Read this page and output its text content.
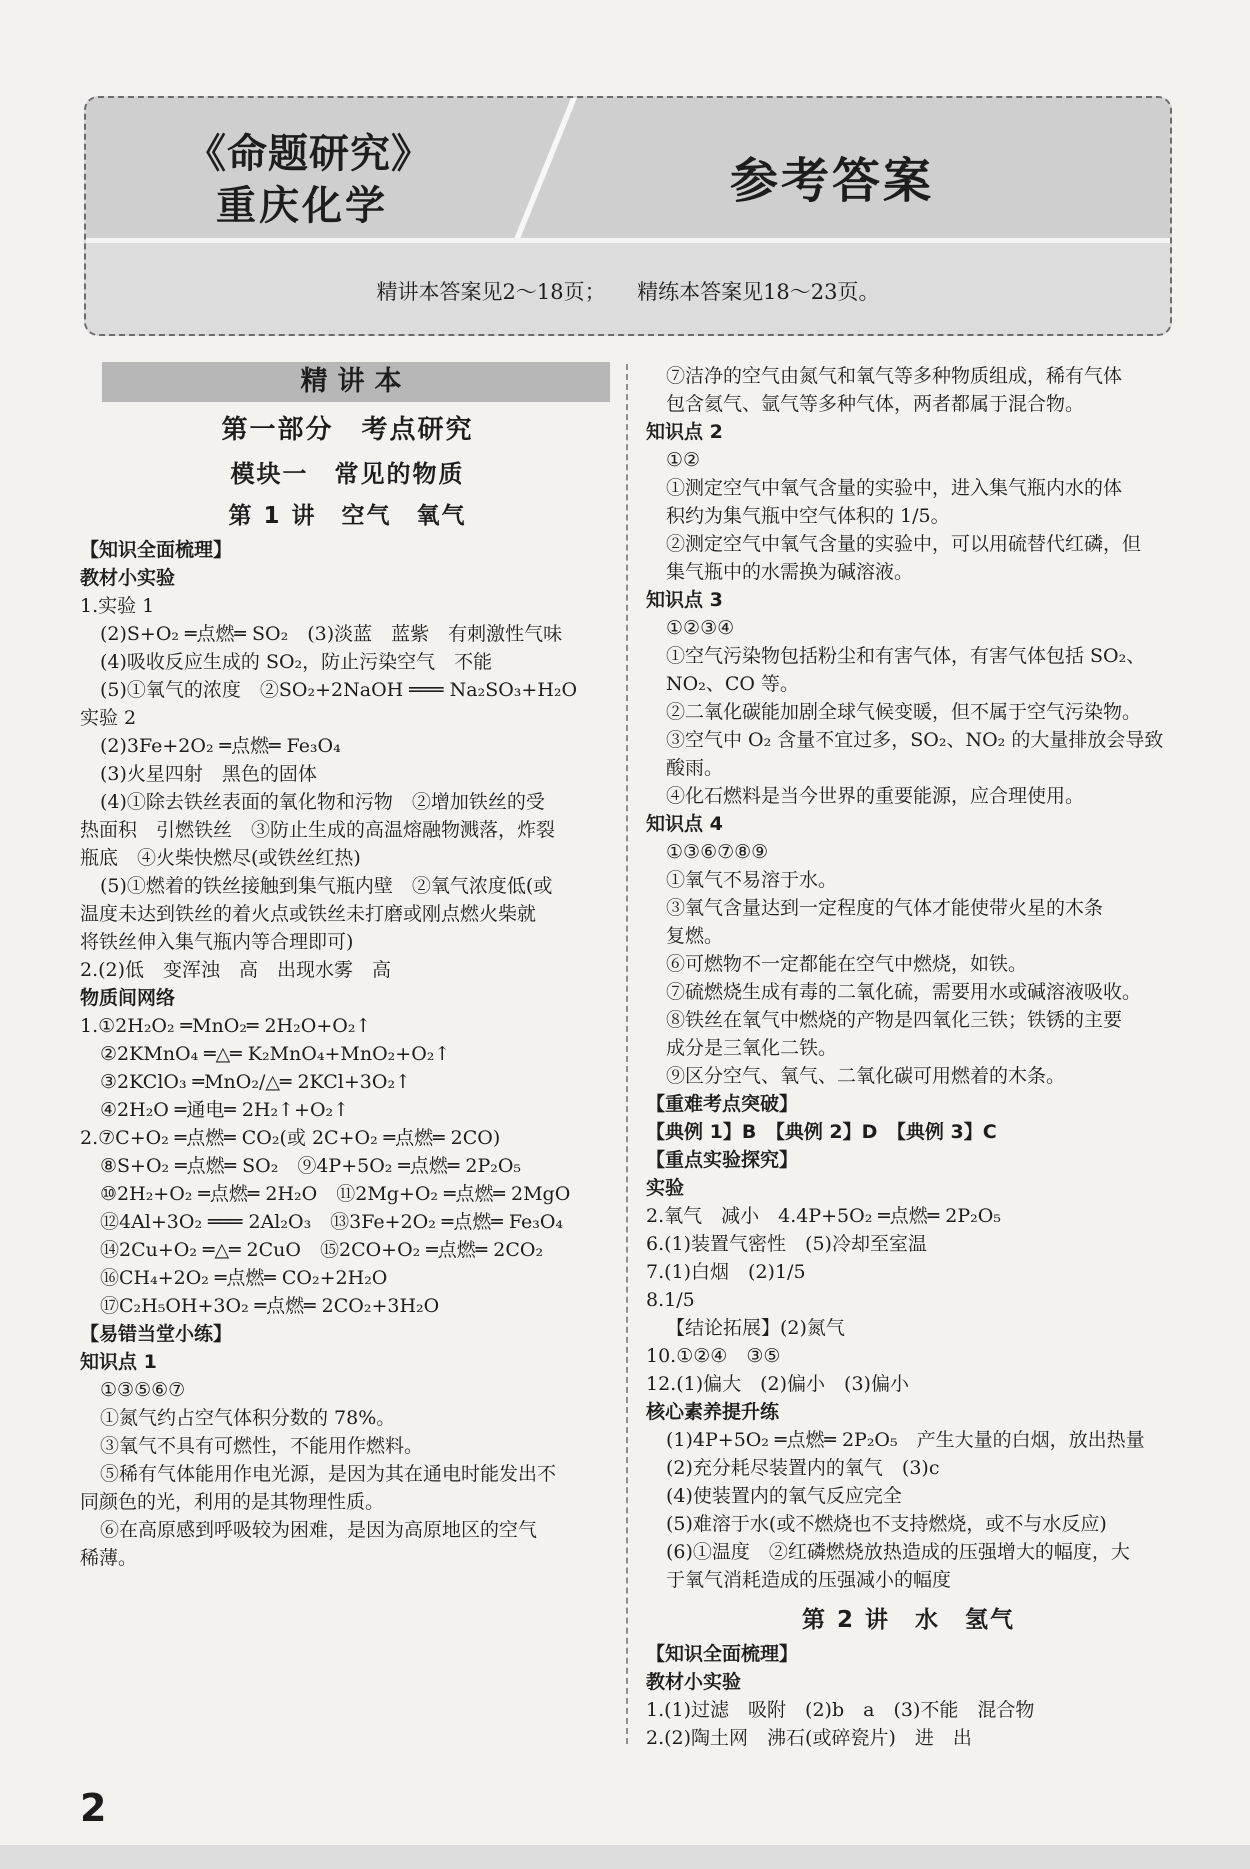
《命题研究》
重庆化学	参考答案
精讲本答案见2～18页；　　精练本答案见18～23页。
精讲本
第一部分　考点研究
模块一　常见的物质
第 1 讲　空气　氧气

【知识全面梳理】

教材小实验

1.实验 1

(2)S+O₂ ═点燃═ SO₂　(3)淡蓝　蓝紫　有刺激性气味

(4)吸收反应生成的 SO₂，防止污染空气　不能

(5)①氧气的浓度　②SO₂+2NaOH ═══ Na₂SO₃+H₂O

实验 2

(2)3Fe+2O₂ ═点燃═ Fe₃O₄

(3)火星四射　黑色的固体

(4)①除去铁丝表面的氧化物和污物　②增加铁丝的受

热面积　引燃铁丝　③防止生成的高温熔融物溅落，炸裂

瓶底　④火柴快燃尽(或铁丝红热)

(5)①燃着的铁丝接触到集气瓶内壁　②氧气浓度低(或

温度未达到铁丝的着火点或铁丝未打磨或刚点燃火柴就

将铁丝伸入集气瓶内等合理即可)

2.(2)低　变浑浊　高　出现水雾　高

物质间网络

1.①2H₂O₂ ═MnO₂═ 2H₂O+O₂↑

②2KMnO₄ ═△═ K₂MnO₄+MnO₂+O₂↑

③2KClO₃ ═MnO₂/△═ 2KCl+3O₂↑

④2H₂O ═通电═ 2H₂↑+O₂↑

2.⑦C+O₂ ═点燃═ CO₂(或 2C+O₂ ═点燃═ 2CO)

⑧S+O₂ ═点燃═ SO₂　⑨4P+5O₂ ═点燃═ 2P₂O₅

⑩2H₂+O₂ ═点燃═ 2H₂O　⑪2Mg+O₂ ═点燃═ 2MgO

⑫4Al+3O₂ ═══ 2Al₂O₃　⑬3Fe+2O₂ ═点燃═ Fe₃O₄

⑭2Cu+O₂ ═△═ 2CuO　⑮2CO+O₂ ═点燃═ 2CO₂

⑯CH₄+2O₂ ═点燃═ CO₂+2H₂O

⑰C₂H₅OH+3O₂ ═点燃═ 2CO₂+3H₂O

【易错当堂小练】

知识点 1

①③⑤⑥⑦

①氮气约占空气体积分数的 78%。

③氧气不具有可燃性，不能用作燃料。

⑤稀有气体能用作电光源，是因为其在通电时能发出不

同颜色的光，利用的是其物理性质。

⑥在高原感到呼吸较为困难，是因为高原地区的空气

稀薄。

⑦洁净的空气由氮气和氧气等多种物质组成，稀有气体

包含氦气、氩气等多种气体，两者都属于混合物。

知识点 2

①②

①测定空气中氧气含量的实验中，进入集气瓶内水的体

积约为集气瓶中空气体积的 1/5。

②测定空气中氧气含量的实验中，可以用硫替代红磷，但

集气瓶中的水需换为碱溶液。

知识点 3

①②③④

①空气污染物包括粉尘和有害气体，有害气体包括 SO₂、

NO₂、CO 等。

②二氧化碳能加剧全球气候变暖，但不属于空气污染物。

③空气中 O₂ 含量不宜过多，SO₂、NO₂ 的大量排放会导致

酸雨。

④化石燃料是当今世界的重要能源，应合理使用。

知识点 4

①③⑥⑦⑧⑨

①氧气不易溶于水。

③氧气含量达到一定程度的气体才能使带火星的木条

复燃。

⑥可燃物不一定都能在空气中燃烧，如铁。

⑦硫燃烧生成有毒的二氧化硫，需要用水或碱溶液吸收。

⑧铁丝在氧气中燃烧的产物是四氧化三铁；铁锈的主要

成分是三氧化二铁。

⑨区分空气、氧气、二氧化碳可用燃着的木条。

【重难考点突破】

【典例 1】B　【典例 2】D　【典例 3】C

【重点实验探究】

实验

2.氧气　减小　4.4P+5O₂ ═点燃═ 2P₂O₅

6.(1)装置气密性　(5)冷却至室温

7.(1)白烟　(2)1/5

8.1/5

【结论拓展】(2)氮气

10.①②④　③⑤

12.(1)偏大　(2)偏小　(3)偏小

核心素养提升练

(1)4P+5O₂ ═点燃═ 2P₂O₅　产生大量的白烟，放出热量

(2)充分耗尽装置内的氧气　(3)c

(4)使装置内的氧气反应完全

(5)难溶于水(或不燃烧也不支持燃烧，或不与水反应)

(6)①温度　②红磷燃烧放热造成的压强增大的幅度，大

于氧气消耗造成的压强减小的幅度

第 2 讲　水　氢气

【知识全面梳理】

教材小实验

1.(1)过滤　吸附　(2)b　a　(3)不能　混合物

2.(2)陶土网　沸石(或碎瓷片)　进　出

2
